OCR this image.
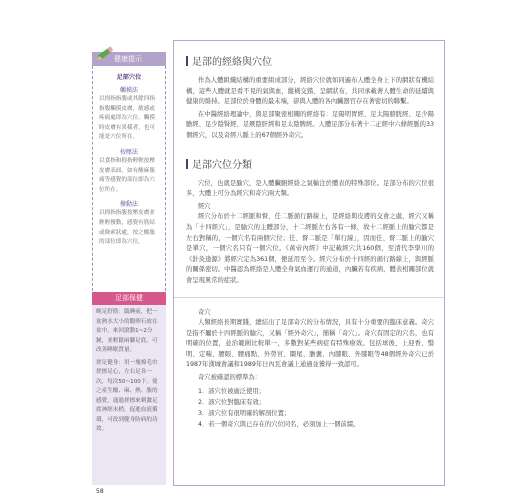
健康提示
足部穴位
觸摸法
以拇指指腹或其餘四指指腹觸摸皮膚，敏感或疼痛處即為穴位。觸摸時皮膚有異樣者，也可能是穴位所在。
按壓法
以食指和拇指輕輕按壓皮膚表面，如有酸麻脹痛等感覺的部位即為穴位所在。
撥動法
以拇指指腹按壓皮膚並輕輕撥動，感覺有筋結或條索狀處，按之酸脹的部位即為穴位。
足部保健
晚足舒筋：臨睡前，把一盆熱水大小的鵝卵石放在盆中，來回滾動1~2分鐘，並輕鬆兩腳足底，可改善睡眠質量。
搓足健身：用一塊棉毛巾搓擦足心，左右足各一次，每次50~100下。使之產生酸、麻、熱、脹的感覺，通過搓擦來刺激足底神經末梢，促進血液循環，可改到健身防病的功效。
58
足部的經絡與穴位

作為人體組織結構的重要組成部分，經絡穴位就如同遍布人體全身上下的網狀有機結構，這些人體就是看不見的氣與血，縱橫交錯、呈網狀布，共同承載著人體生命的延續與健康的維持。足部位於身體的最末端，卻與人體的各內臟器官存在著密切的聯繫。

在中醫經絡理論中，與足部聚密相關的經絡有：足陽明胃經、足太陽膀胱經、足少陽膽經、足少陰腎經、足厥陰肝經和足太陰脾經。人體足部分布著十二正經中六條經脈的33個經穴，以及奇經八脈上的67個經外奇穴。

足部穴位分類

穴位，也就是腧穴，是人體臟腑經絡之氣輸注於體表的特殊部位。足部分布的穴位很多，大體上可分為經穴和奇穴兩大類。

經穴

經穴分布於十二經脈和督、任二脈循行路線上，是經絡與皮膚的交會之處，經穴又稱為「十四經穴」，是腧穴的主體部分，十二經脈左右各有一條，故十二經脈上的腧穴都是左右對稱的，一個穴名有兩個穴位；任、督二脈是「單行線」，因而任、督二脈上的腧穴是單穴，一個穴名只有一個穴位。《黃帝內經》中記載經穴共160個，至清代李學川的《針灸逢源》將經穴定為361個，便延用至今。經穴分布於十四經的循行路線上，與經脈的關係密切。中醫認為經絡是人體全身氣血運行的通道，內臟若有疾病，體表相關部位就會呈現異常的症狀。

奇穴

人類經絡長期實踐，總結出了足部奇穴的分布情況，具有十分重要的臨床意義。奇穴是指不屬於十四經脈的腧穴，又稱「經外奇穴」，簡稱「奇穴」。奇穴有固定的穴名，也有明確的位置，並治範圍比較單一，多數對某些病症有特殊療效。包括球後、上迎香、翳明、定喘、腰眼、腰痛點、外勞宮、闌尾、膽囊、內膝眼、外膝眼等48個經外奇穴已於1987年漢城會議和1989年日內瓦會議上通過並獲得一致認可。

奇穴被確認的標準為：

1．該穴位被廣泛使用；
2．該穴位對臨床有效；
3．該穴位有很明確的解剖位置；
4．若一個奇穴與已存在的穴位同名，必須加上一個前綴。
